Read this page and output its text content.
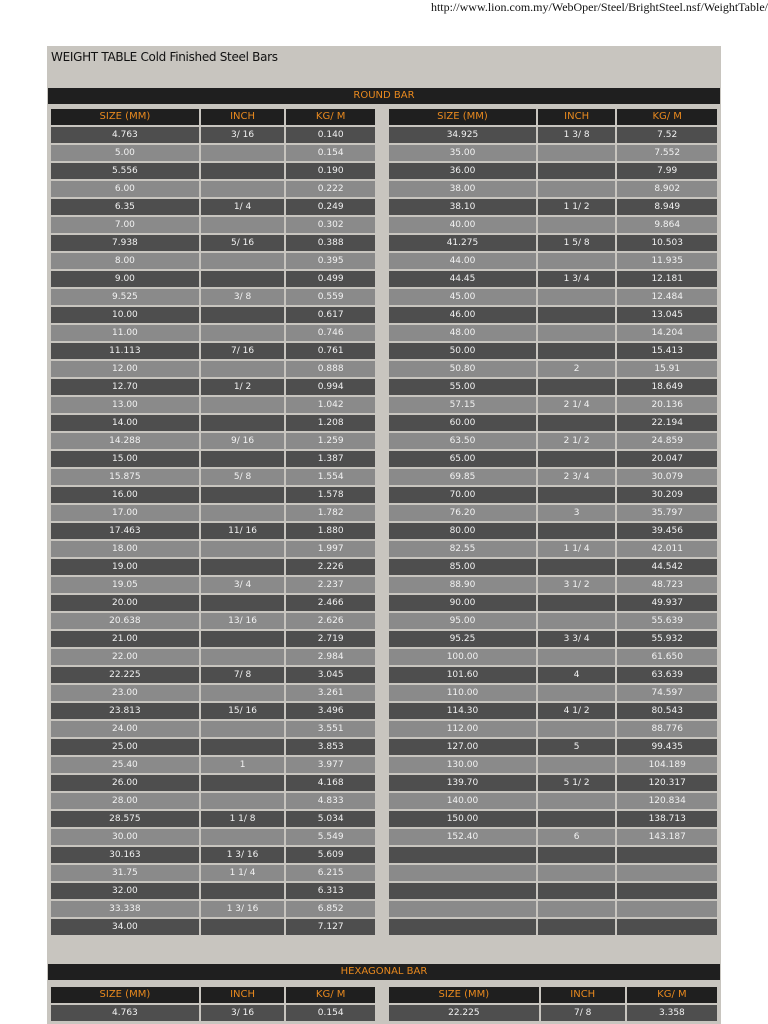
http://www.lion.com.my/WebOper/Steel/BrightSteel.nsf/WeightTable/
WEIGHT TABLE Cold Finished Steel Bars
ROUND BAR
SIZE (MM)	INCH	KG/ M
4.763	3/ 16	0.140
5.00		0.154
5.556		0.190
6.00		0.222
6.35	1/ 4	0.249
7.00		0.302
7.938	5/ 16	0.388
8.00		0.395
9.00		0.499
9.525	3/ 8	0.559
10.00		0.617
11.00		0.746
11.113	7/ 16	0.761
12.00		0.888
12.70	1/ 2	0.994
13.00		1.042
14.00		1.208
14.288	9/ 16	1.259
15.00		1.387
15.875	5/ 8	1.554
16.00		1.578
17.00		1.782
17.463	11/ 16	1.880
18.00		1.997
19.00		2.226
19.05	3/ 4	2.237
20.00		2.466
20.638	13/ 16	2.626
21.00		2.719
22.00		2.984
22.225	7/ 8	3.045
23.00		3.261
23.813	15/ 16	3.496
24.00		3.551
25.00		3.853
25.40	1	3.977
26.00		4.168
28.00		4.833
28.575	1 1/ 8	5.034
30.00		5.549
30.163	1 3/ 16	5.609
31.75	1 1/ 4	6.215
32.00		6.313
33.338	1 3/ 16	6.852
34.00		7.127
SIZE (MM)	INCH	KG/ M
34.925	1 3/ 8	7.52
35.00		7.552
36.00		7.99
38.00		8.902
38.10	1 1/ 2	8.949
40.00		9.864
41.275	1 5/ 8	10.503
44.00		11.935
44.45	1 3/ 4	12.181
45.00		12.484
46.00		13.045
48.00		14.204
50.00		15.413
50.80	2	15.91
55.00		18.649
57.15	2 1/ 4	20.136
60.00		22.194
63.50	2 1/ 2	24.859
65.00		20.047
69.85	2 3/ 4	30.079
70.00		30.209
76.20	3	35.797
80.00		39.456
82.55	1 1/ 4	42.011
85.00		44.542
88.90	3 1/ 2	48.723
90.00		49.937
95.00		55.639
95.25	3 3/ 4	55.932
100.00		61.650
101.60	4	63.639
110.00		74.597
114.30	4 1/ 2	80.543
112.00		88.776
127.00	5	99.435
130.00		104.189
139.70	5 1/ 2	120.317
140.00		120.834
150.00		138.713
152.40	6	143.187

HEXAGONAL BAR
SIZE (MM)	INCH	KG/ M
4.763	3/ 16	0.154
SIZE (MM)	INCH	KG/ M
22.225	7/ 8	3.358
